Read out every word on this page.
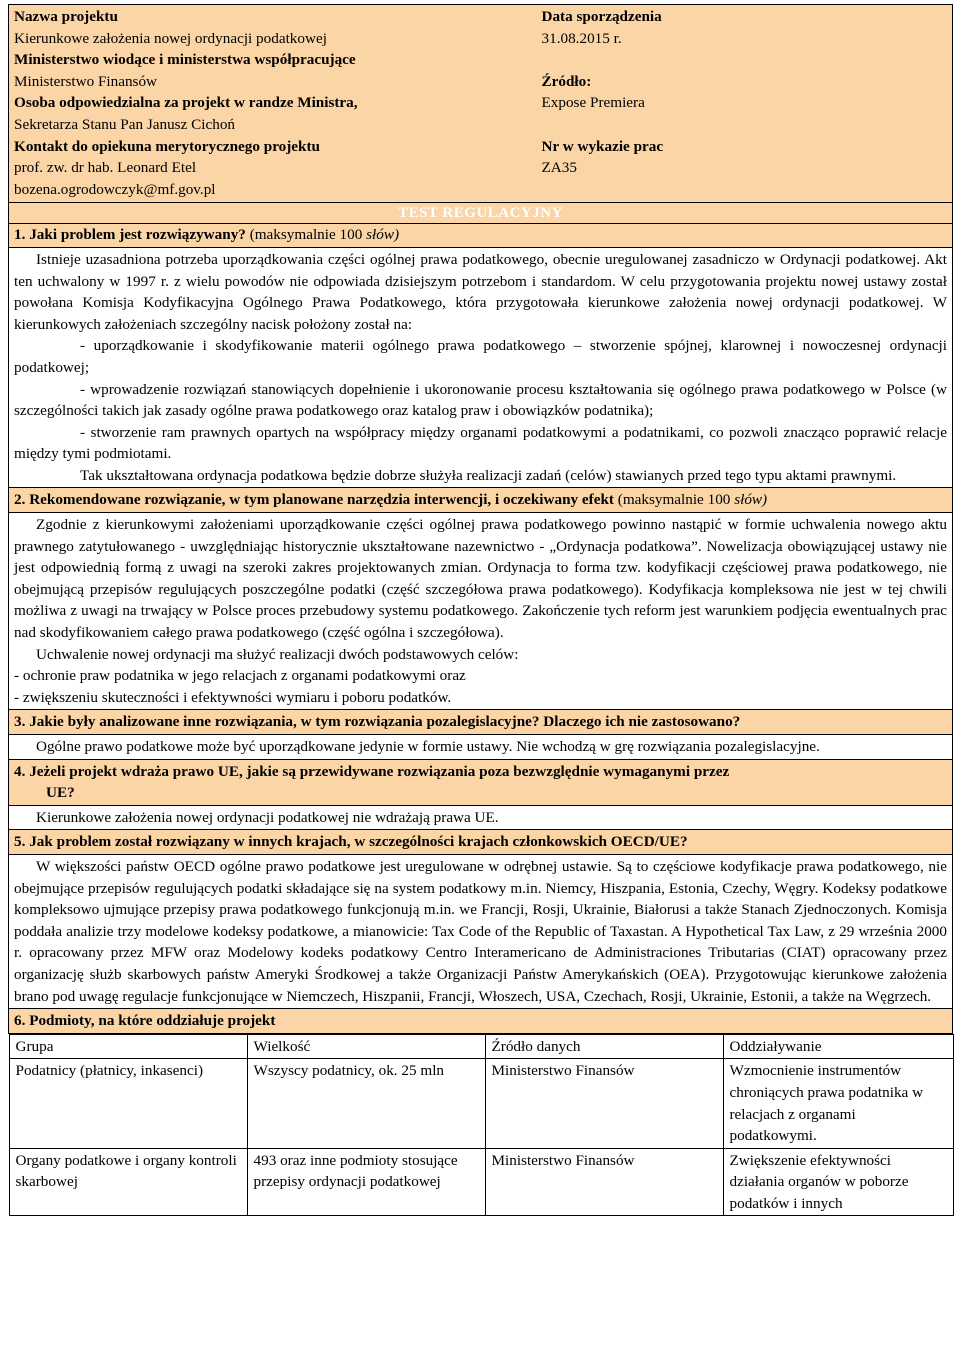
Nazwa projektu
Kierunkowe założenia nowej ordynacji podatkowej
Ministerstwo wiodące i ministerstwa współpracujące
Ministerstwo Finansów
Osoba odpowiedzialna za projekt w randze Ministra,
Sekretarza Stanu Pan Janusz Cichoń
Kontakt do opiekuna merytorycznego projektu
prof. zw. dr hab. Leonard Etel
bozena.ogrodowczyk@mf.gov.pl

Data sporządzenia
31.08.2015 r.
Źródło:
Expose Premiera
Nr w wykazie prac
ZA35

TEST REGULACYJNY
1. Jaki problem jest rozwiązywany? (maksymalnie 100 słów)

Istnieje uzasadniona potrzeba uporządkowania części ogólnej prawa podatkowego, obecnie uregulowanej zasadniczo w Ordynacji podatkowej. Akt ten uchwalony w 1997 r. z wielu powodów nie odpowiada dzisiejszym potrzebom i standardom. W celu przygotowania projektu nowej ustawy został powołana Komisja Kodyfikacyjna Ogólnego Prawa Podatkowego, która przygotowała kierunkowe założenia nowej ordynacji podatkowej. W kierunkowych założeniach szczególny nacisk położony został na:

- uporządkowanie i skodyfikowanie materii ogólnego prawa podatkowego – stworzenie spójnej, klarownej i nowoczesnej ordynacji podatkowej;

- wprowadzenie rozwiązań stanowiących dopełnienie i ukoronowanie procesu kształtowania się ogólnego prawa podatkowego w Polsce (w szczególności takich jak zasady ogólne prawa podatkowego oraz katalog praw i obowiązków podatnika);

- stworzenie ram prawnych opartych na współpracy między organami podatkowymi a podatnikami, co pozwoli znacząco poprawić relacje między tymi podmiotami.

Tak ukształtowana ordynacja podatkowa będzie dobrze służyła realizacji zadań (celów) stawianych przed tego typu aktami prawnymi.

2. Rekomendowane rozwiązanie, w tym planowane narzędzia interwencji, i oczekiwany efekt (maksymalnie 100 słów)

Zgodnie z kierunkowymi założeniami uporządkowanie części ogólnej prawa podatkowego powinno nastąpić w formie uchwalenia nowego aktu prawnego zatytułowanego - uwzględniając historycznie ukształtowane nazewnictwo - „Ordynacja podatkowa”. Nowelizacja obowiązującej ustawy nie jest odpowiednią formą z uwagi na szeroki zakres projektowanych zmian. Ordynacja to forma tzw. kodyfikacji częściowej prawa podatkowego, nie obejmującą przepisów regulujących poszczególne podatki (część szczegółowa prawa podatkowego). Kodyfikacja kompleksowa nie jest w tej chwili możliwa z uwagi na trwający w Polsce proces przebudowy systemu podatkowego. Zakończenie tych reform jest warunkiem podjęcia ewentualnych prac nad skodyfikowaniem całego prawa podatkowego (część ogólna i szczegółowa).

Uchwalenie nowej ordynacji ma służyć realizacji dwóch podstawowych celów:

- ochronie praw podatnika w jego relacjach z organami podatkowymi oraz

- zwiększeniu skuteczności i efektywności wymiaru i poboru podatków.

3. Jakie były analizowane inne rozwiązania, w tym rozwiązania pozalegislacyjne? Dlaczego ich nie zastosowano?

Ogólne prawo podatkowe może być uporządkowane jedynie w formie ustawy. Nie wchodzą w grę rozwiązania pozalegislacyjne.

4. Jeżeli projekt wdraża prawo UE, jakie są przewidywane rozwiązania poza bezwzględnie wymaganymi przez
UE?

Kierunkowe założenia nowej ordynacji podatkowej nie wdrażają prawa UE.

5. Jak problem został rozwiązany w innych krajach, w szczególności krajach członkowskich OECD/UE?

W większości państw OECD ogólne prawo podatkowe jest uregulowane w odrębnej ustawie. Są to częściowe kodyfikacje prawa podatkowego, nie obejmujące przepisów regulujących podatki składające się na system podatkowy m.in. Niemcy, Hiszpania, Estonia, Czechy, Węgry. Kodeksy podatkowe kompleksowo ujmujące przepisy prawa podatkowego funkcjonują m.in. we Francji, Rosji, Ukrainie, Białorusi a także Stanach Zjednoczonych. Komisja poddała analizie trzy modelowe kodeksy podatkowe, a mianowicie: Tax Code of the Republic of Taxastan. A Hypothetical Tax Law, z 29 września 2000 r. opracowany przez MFW oraz Modelowy kodeks podatkowy Centro Interamericano de Administraciones Tributarias (CIAT) opracowany przez organizację służb skarbowych państw Ameryki Środkowej a także Organizacji Państw Amerykańskich (OEA). Przygotowując kierunkowe założenia brano pod uwagę regulacje funkcjonujące w Niemczech, Hiszpanii, Francji, Włoszech, USA, Czechach, Rosji, Ukrainie, Estonii, a także na Węgrzech.

6. Podmioty, na które oddziałuje projekt

Grupa	Wielkość	Źródło danych	Oddziaływanie
Podatnicy (płatnicy, inkasenci)	Wszyscy podatnicy, ok. 25 mln	Ministerstwo Finansów	Wzmocnienie instrumentów chroniących prawa podatnika w relacjach z organami podatkowymi.
Organy podatkowe i organy kontroli skarbowej	493 oraz inne podmioty stosujące przepisy ordynacji podatkowej	Ministerstwo Finansów	Zwiększenie efektywności działania organów w poborze podatków i innych
